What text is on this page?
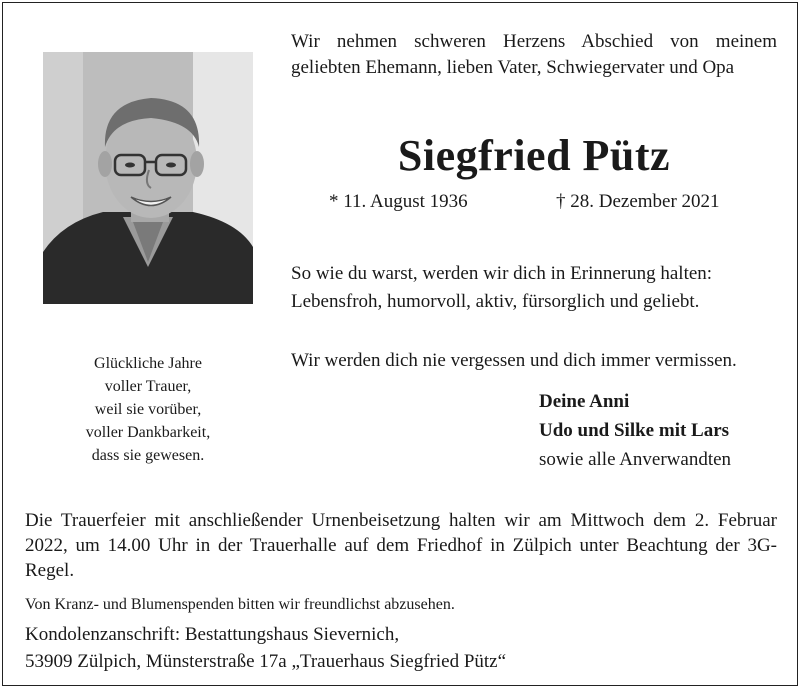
Wir nehmen schweren Herzens Abschied von meinem geliebten Ehemann, lieben Vater, Schwiegervater und Opa
Siegfried Pütz
* 11. August 1936	† 28. Dezember 2021
So wie du warst, werden wir dich in Erinnerung halten:
Lebensfroh, humorvoll, aktiv, fürsorglich und geliebt.
Wir werden dich nie vergessen und dich immer vermissen.
Deine Anni
Udo und Silke mit Lars
sowie alle Anverwandten
Glückliche Jahre
voller Trauer,
weil sie vorüber,
voller Dankbarkeit,
dass sie gewesen.
Die Trauerfeier mit anschließender Urnenbeisetzung halten wir am Mittwoch dem 2. Februar 2022, um 14.00 Uhr in der Trauerhalle auf dem Friedhof in Zülpich unter Beachtung der 3G-Regel.
Von Kranz- und Blumenspenden bitten wir freundlichst abzusehen.
Kondolenzanschrift: Bestattungshaus Sievernich,
53909 Zülpich, Münsterstraße 17a „Trauerhaus Siegfried Pütz“
